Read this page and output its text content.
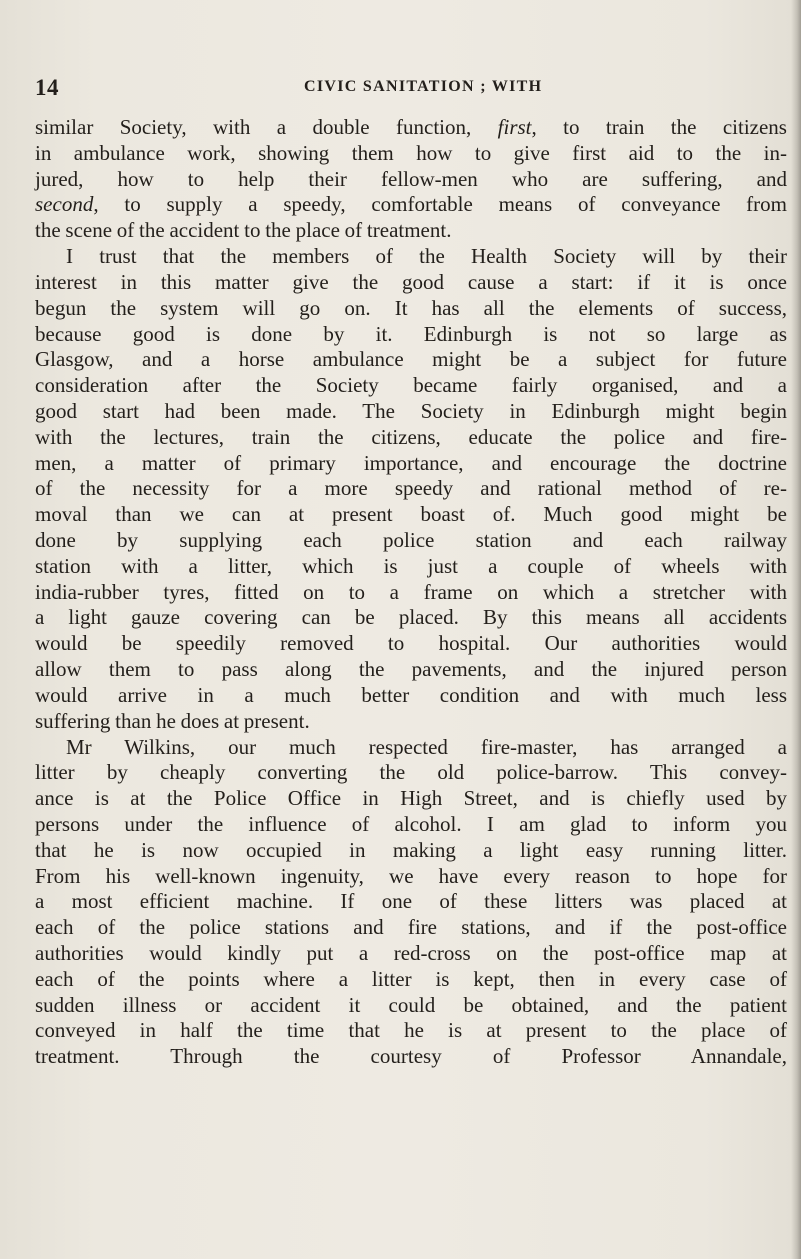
14	CIVIC SANITATION ; WITH
similar Society, with a double function, first, to train the citizens
in ambulance work, showing them how to give first aid to the in-
jured, how to help their fellow-men who are suffering, and
second, to supply a speedy, comfortable means of conveyance from
the scene of the accident to the place of treatment.
I trust that the members of the Health Society will by their
interest in this matter give the good cause a start: if it is once
begun the system will go on. It has all the elements of success,
because good is done by it. Edinburgh is not so large as
Glasgow, and a horse ambulance might be a subject for future
consideration after the Society became fairly organised, and a
good start had been made. The Society in Edinburgh might begin
with the lectures, train the citizens, educate the police and fire-
men, a matter of primary importance, and encourage the doctrine
of the necessity for a more speedy and rational method of re-
moval than we can at present boast of. Much good might be
done by supplying each police station and each railway
station with a litter, which is just a couple of wheels with
india-rubber tyres, fitted on to a frame on which a stretcher with
a light gauze covering can be placed. By this means all accidents
would be speedily removed to hospital. Our authorities would
allow them to pass along the pavements, and the injured person
would arrive in a much better condition and with much less
suffering than he does at present.
Mr Wilkins, our much respected fire-master, has arranged a
litter by cheaply converting the old police-barrow. This convey-
ance is at the Police Office in High Street, and is chiefly used by
persons under the influence of alcohol. I am glad to inform you
that he is now occupied in making a light easy running litter.
From his well-known ingenuity, we have every reason to hope for
a most efficient machine. If one of these litters was placed at
each of the police stations and fire stations, and if the post-office
authorities would kindly put a red-cross on the post-office map at
each of the points where a litter is kept, then in every case of
sudden illness or accident it could be obtained, and the patient
conveyed in half the time that he is at present to the place of
treatment. Through the courtesy of Professor Annandale,
